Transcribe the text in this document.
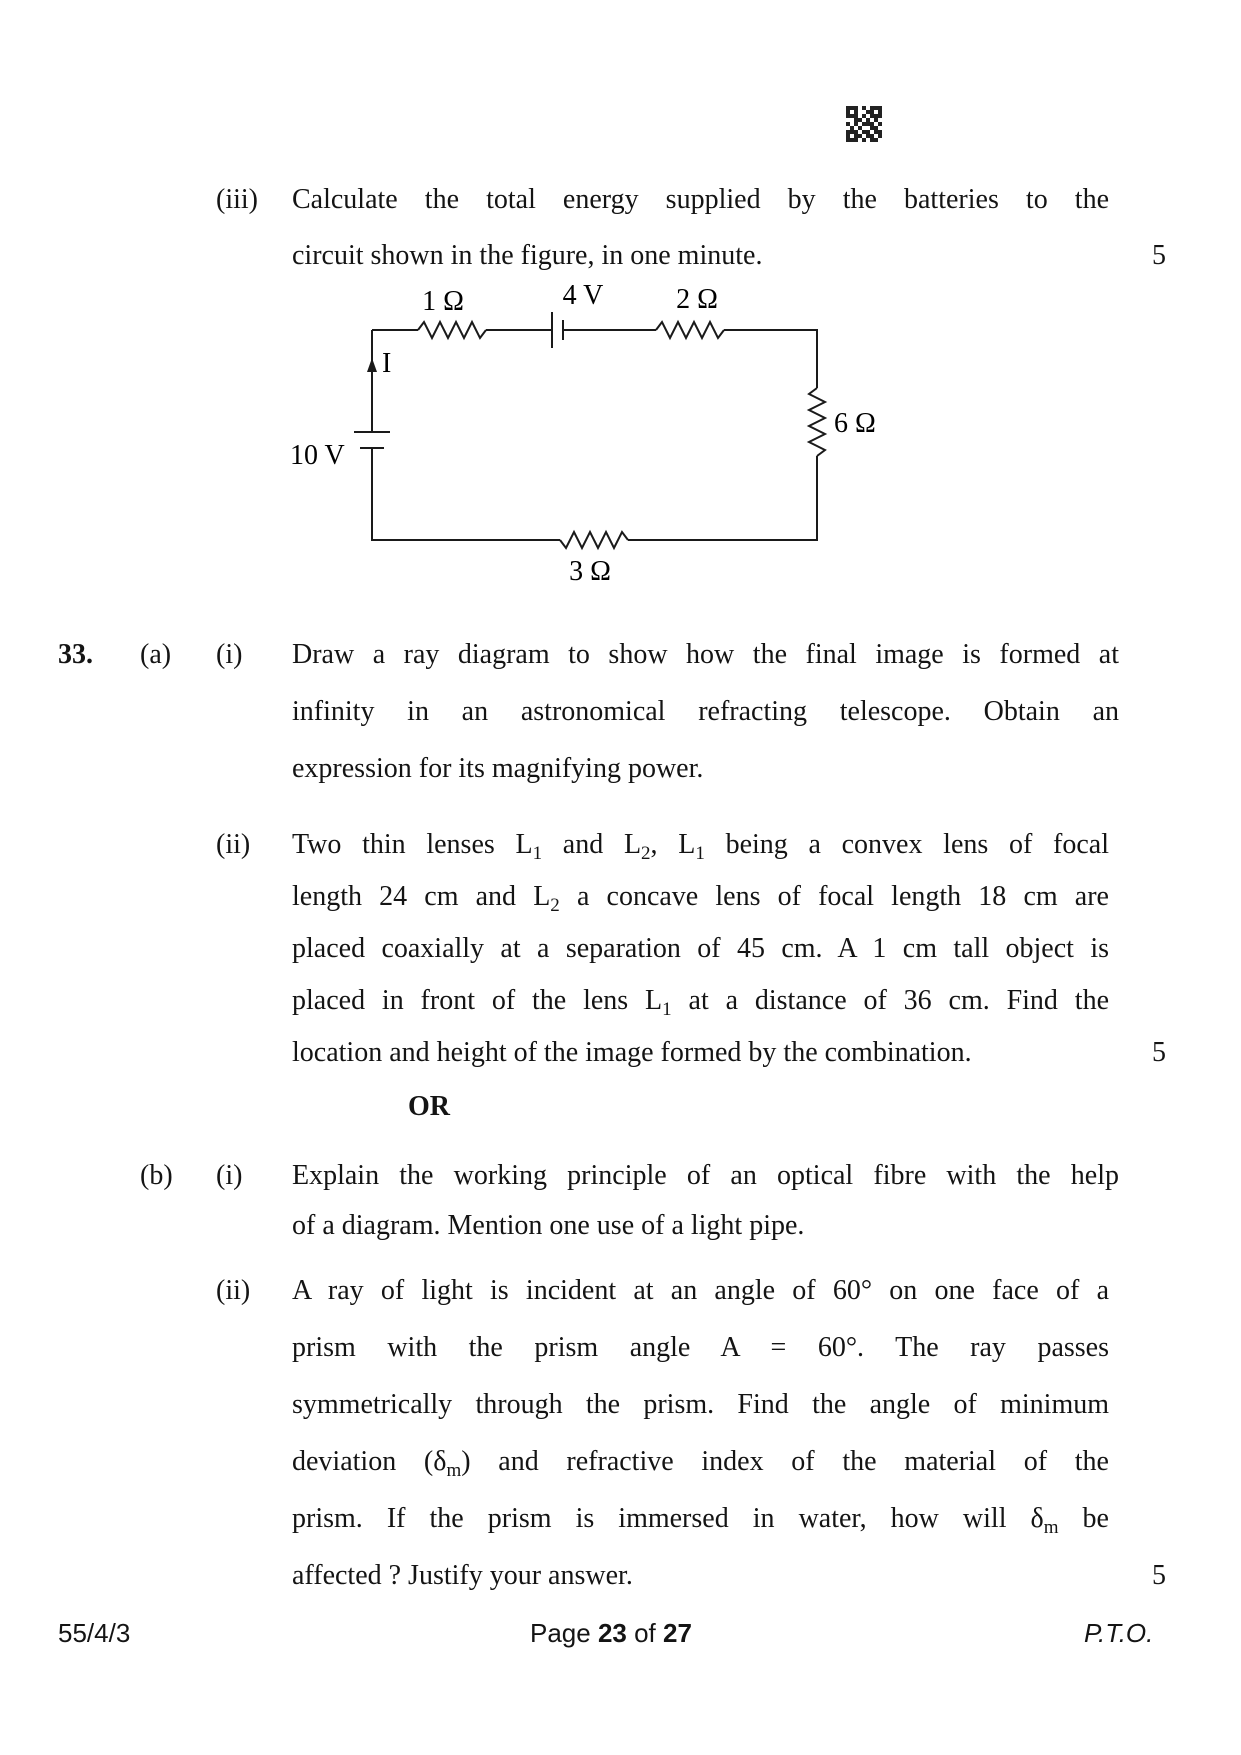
(iii) Calculate the total energy supplied by the batteries to the
circuit shown in the figure, in one minute.	5
1 Ω	4 V	2 Ω
I
10 V
6 Ω
3 Ω
33. (a) (i) Draw a ray diagram to show how the final image is formed at
infinity in an astronomical refracting telescope. Obtain an
expression for its magnifying power.
(ii) Two thin lenses $L_1$ and $L_2$, $L_1$ being a convex lens of focal
length 24 cm and $L_2$ a concave lens of focal length 18 cm are
placed coaxially at a separation of 45 cm. A 1 cm tall object is
placed in front of the lens $L_1$ at a distance of 36 cm. Find the
location and height of the image formed by the combination.	5
OR
(b) (i) Explain the working principle of an optical fibre with the help
of a diagram. Mention one use of a light pipe.
(ii) A ray of light is incident at an angle of 60° on one face of a
prism with the prism angle A = 60°. The ray passes
symmetrically through the prism. Find the angle of minimum
deviation $(\delta_m)$ and refractive index of the material of the
prism. If the prism is immersed in water, how will $\delta_m$ be
affected ? Justify your answer.	5
55/4/3	Page 23 of 27	P.T.O.
